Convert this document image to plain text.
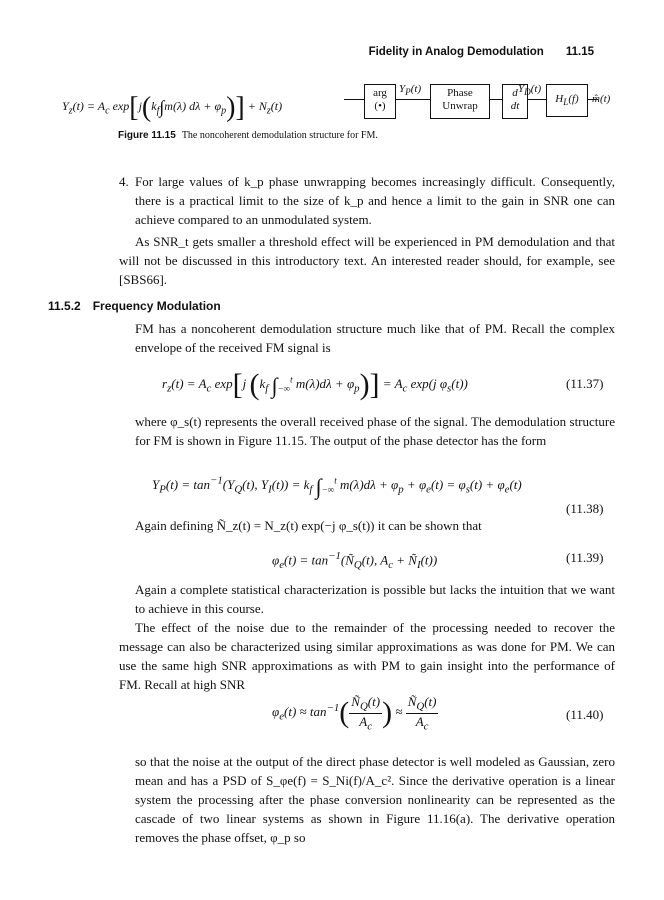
Fidelity in Analog Demodulation 11.15
$Y_z(t) = A_c$ $\exp[j(k_f\int m(\lambda) d\lambda + \varphi_p)] + N_z(t)$
arg
(•)
$Y_P(t)$	Phase
Unwrap
d
dt
$Y_D(t)$
$H_L(f)$	m̂(t)
Figure 11.15 The noncoherent demodulation structure for FM.
4. For large values of k_p phase unwrapping becomes increasingly difficult. Consequently, there is a practical limit to the size of k_p and hence a limit to the gain in SNR one can achieve compared to an unmodulated system.
As SNR_t gets smaller a threshold effect will be experienced in PM demodulation and that will not be discussed in this introductory text. An interested reader should, for example, see [SBS66].
11.5.2 Frequency Modulation
FM has a noncoherent demodulation structure much like that of PM. Recall the complex envelope of the received FM signal is
$r_z(t) = A_c$ exp[j ($k_f$ $\int_{-\infty}^t$ $m(\lambda)d\lambda + \varphi_p)] = A_c$ exp(j $\varphi_s(t)$)	(11.37)
where φ_s(t) represents the overall received phase of the signal. The demodulation structure for FM is shown in Figure 11.15. The output of the phase detector has the form
$Y_P(t) = \tan^{-1}(Y_Q(t)$, $Y_I(t)) = k_f$ $\int_{-\infty}^t$ $m(\lambda)d\lambda + \varphi_p + \varphi_e(t) = \varphi_s(t) + \varphi_e(t)$
(11.38)
Again defining Ñ_z(t) = N_z(t) exp(−j φ_s(t)) it can be shown that
$\varphi_e(t)$ = $\tan^{-1}(Ñ_Q(t)$, $A_c$ + $Ñ_I(t)$)	(11.39)
Again a complete statistical characterization is possible but lacks the intuition that we want to achieve in this course.
The effect of the noise due to the remainder of the processing needed to recover the message can also be characterized using similar approximations as was done for PM. We can use the same high SNR approximations as with PM to gain insight into the performance of FM. Recall at high SNR
$\varphi_e(t) \approx \tan^{-1}( \frac{Ñ_Q(t)}{A_c}$ ) ≈ $\frac{Ñ_Q(t)}{A_c}$	(11.40)
so that the noise at the output of the direct phase detector is well modeled as Gaussian, zero mean and has a PSD of S_φe(f) = S_Ni(f)/A_c². Since the derivative operation is a linear system the processing after the phase conversion nonlinearity can be represented as the cascade of two linear systems as shown in Figure 11.16(a). The derivative operation removes the phase offset, φ_p so
